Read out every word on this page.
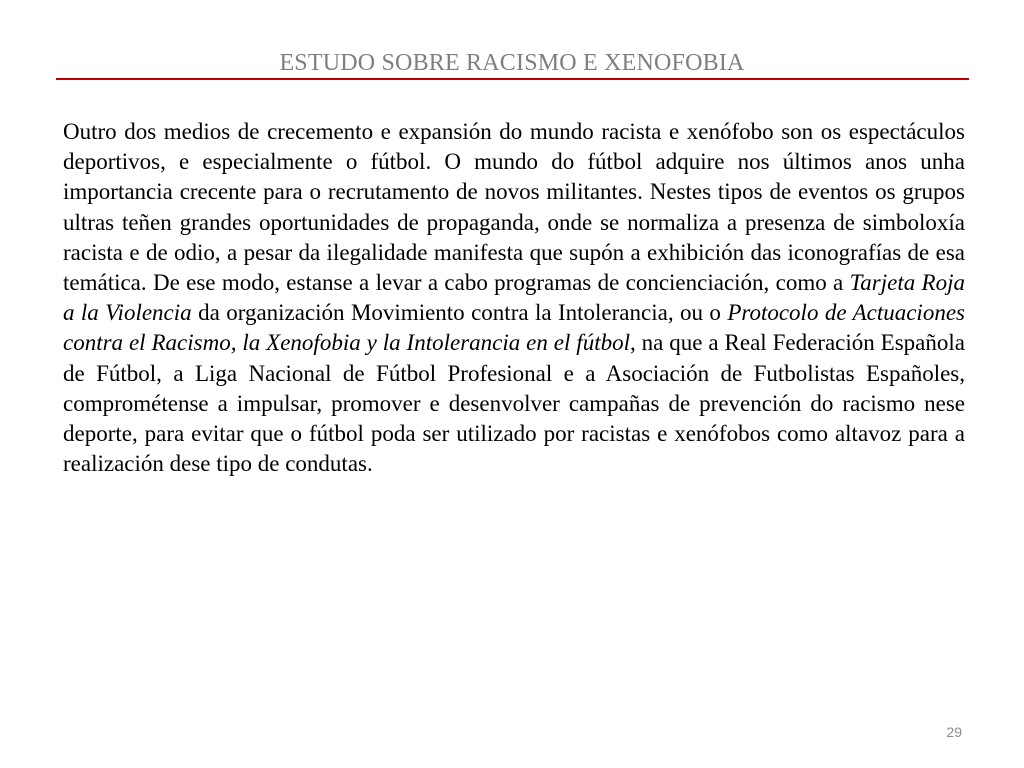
ESTUDO SOBRE RACISMO E XENOFOBIA

Outro dos medios de crecemento e expansión do mundo racista e xenófobo son os espectáculos deportivos, e especialmente o fútbol. O mundo do fútbol adquire nos últimos anos unha importancia crecente para o recrutamento de novos militantes. Nestes tipos de eventos os grupos ultras teñen grandes oportunidades de propaganda, onde se normaliza a presenza de simboloxía racista e de odio, a pesar da ilegalidade manifesta que supón a exhibición das iconografías de esa temática. De ese modo, estanse a levar a cabo programas de concienciación, como a Tarjeta Roja a la Violencia da organización Movimiento contra la Intolerancia, ou o Protocolo de Actuaciones contra el Racismo, la Xenofobia y la Intolerancia en el fútbol, na que a Real Federación Española de Fútbol, a Liga Nacional de Fútbol Profesional e a Asociación de Futbolistas Españoles, comprométense a impulsar, promover e desenvolver campañas de prevención do racismo nese deporte, para evitar que o fútbol poda ser utilizado por racistas e xenófobos como altavoz para a realización dese tipo de condutas.

29
